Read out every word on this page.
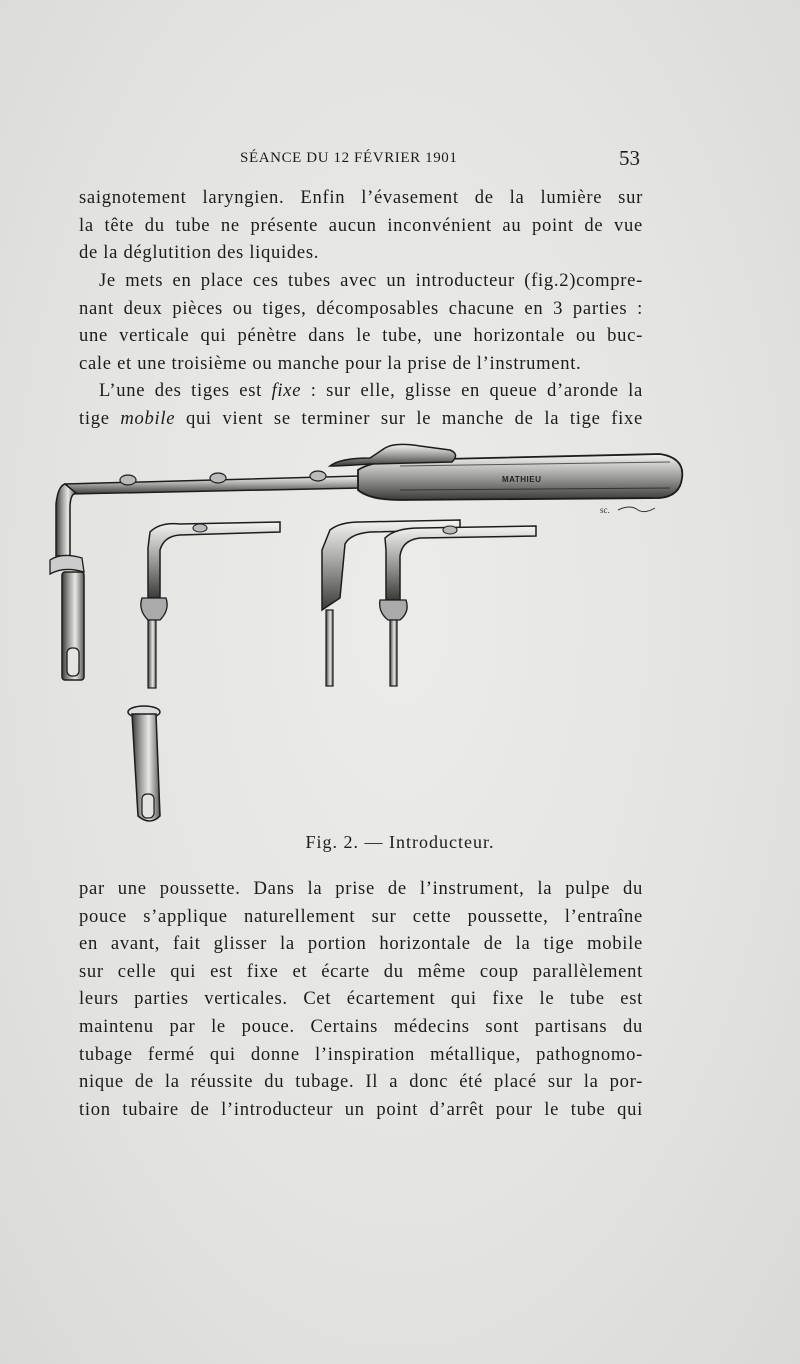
SÉANCE DU 12 FÉVRIER 1901	53

saignotement laryngien. Enfin l’évasement de la lumière sur
la tête du tube ne présente aucun inconvénient au point de vue
de la déglutition des liquides.

Je mets en place ces tubes avec un introducteur (fig.2)compre-
nant deux pièces ou tiges, décomposables chacune en 3 parties :
une verticale qui pénètre dans le tube, une horizontale ou buc-
cale et une troisième ou manche pour la prise de l’instrument.

L’une des tiges est fixe : sur elle, glisse en queue d’aronde la
tige mobile qui vient se terminer sur le manche de la tige fixe

MATHIEU
sc.
Fig. 2. — Introducteur.

par une poussette. Dans la prise de l’instrument, la pulpe du
pouce s’applique naturellement sur cette poussette, l’entraîne
en avant, fait glisser la portion horizontale de la tige mobile
sur celle qui est fixe et écarte du même coup parallèlement
leurs parties verticales. Cet écartement qui fixe le tube est
maintenu par le pouce. Certains médecins sont partisans du
tubage fermé qui donne l’inspiration métallique, pathognomo-
nique de la réussite du tubage. Il a donc été placé sur la por-
tion tubaire de l’introducteur un point d’arrêt pour le tube qui
